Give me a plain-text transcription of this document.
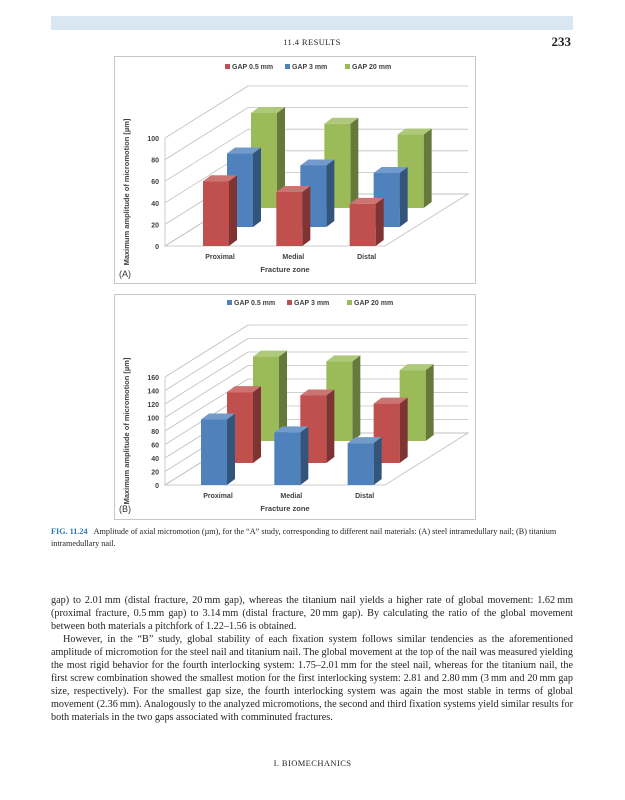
11.4 RESULTS	233
0
20
40
60
80
100
Proximal	Medial	Distal
Fracture zone
Maximum amplitude of micromotion [µm]
GAP 0.5 mm	GAP 3 mm	GAP 20 mm
(A)
0
20
40
60
80
100
120
140
160
Proximal	Medial	Distal
Fracture zone
Maximum amplitude of micromotion [µm]
GAP 0.5 mm	GAP 3 mm	GAP 20 mm
(B)
FIG. 11.24 Amplitude of axial micromotion (µm), for the “A” study, corresponding to different nail materials: (A) steel intramedullary nail; (B) titanium intramedullary nail.

gap) to 2.01 mm (distal fracture, 20 mm gap), whereas the titanium nail yields a higher rate of global movement: 1.62 mm (proximal fracture, 0.5 mm gap) to 3.14 mm (distal fracture, 20 mm gap). By calculating the ratio of the global movement between both materials a pitchfork of 1.22–1.56 is obtained.

However, in the “B” study, global stability of each fixation system follows similar tendencies as the aforementioned amplitude of micromotion for the steel nail and titanium nail. The global movement at the top of the nail was measured yielding the most rigid behavior for the fourth interlocking system: 1.75–2.01 mm for the steel nail, whereas for the titanium nail, the first screw combination showed the smallest motion for the first interlocking system: 2.81 and 2.80 mm (3 mm and 20 mm gap size, respectively). For the smallest gap size, the fourth interlocking system was again the most stable in terms of global movement (2.36 mm). Analogously to the analyzed micromotions, the second and third fixation systems yield similar results for both materials in the two gaps associated with comminuted fractures.

I. BIOMECHANICS
